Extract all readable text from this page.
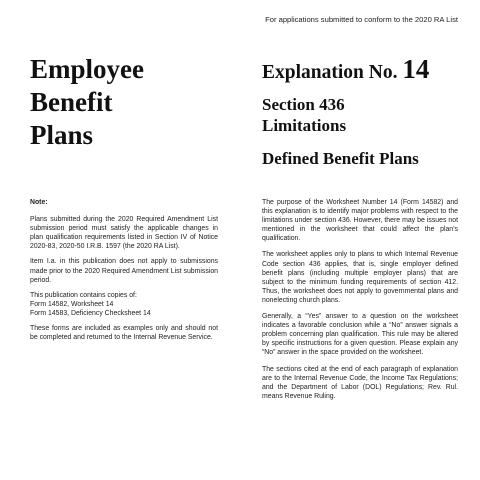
For applications submitted to conform to the 2020 RA List
Employee
Benefit
Plans
Explanation No. 14
Section 436
Limitations
Defined Benefit Plans
Note:

Plans submitted during the 2020 Required Amendment List submission period must satisfy the applicable changes in plan qualification requirements listed in Section IV of Notice 2020-83, 2020-50 I.R.B. 1597 (the 2020 RA List).

Item I.a. in this publication does not apply to submissions made prior to the 2020 Required Amendment List submission period.

This publication contains copies of:

Form 14582, Worksheet 14

Form 14583, Deficiency Checksheet 14

These forms are included as examples only and should not be completed and returned to the Internal Revenue Service.

The purpose of the Worksheet Number 14 (Form 14582) and this explanation is to identify major problems with respect to the limitations under section 436. However, there may be issues not mentioned in the worksheet that could affect the plan’s qualification.

The worksheet applies only to plans to which Internal Revenue Code section 436 applies, that is, single employer defined benefit plans (including multiple employer plans) that are subject to the minimum funding requirements of section 412. Thus, the worksheet does not apply to governmental plans and nonelecting church plans.

Generally, a “Yes” answer to a question on the worksheet indicates a favorable conclusion while a “No” answer signals a problem concerning plan qualification. This rule may be altered by specific instructions for a given question. Please explain any “No” answer in the space provided on the worksheet.

The sections cited at the end of each paragraph of explanation are to the Internal Revenue Code, the Income Tax Regulations; and the Department of Labor (DOL) Regulations; Rev. Rul. means Revenue Ruling.
